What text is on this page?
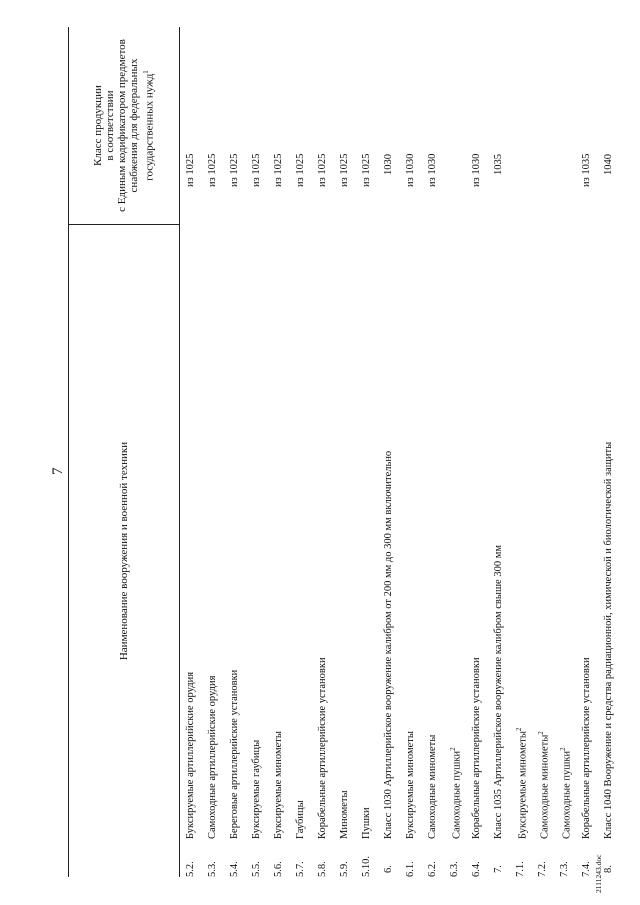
7	Наименование вооружения и военной техники
Класс продукции в соответствии с Единым кодификатором предметов снабжения для федеральных государственных нужд$^1$
5.2.
Буксируемые артиллерийские орудия
из 1025
5.3.
Самоходные артиллерийские орудия
из 1025
5.4.
Береговые артиллерийские установки
из 1025
5.5.
Буксируемые гаубицы
из 1025
5.6.
Буксируемые минометы
из 1025
5.7.
Гаубицы
из 1025
5.8.
Корабельные артиллерийские установки
из 1025
5.9.
Минометы
из 1025
5.10.
Пушки
из 1025
6.
Класс 1030 Артиллерийское вооружение калибром от 200 мм до 300 мм включительно
1030
6.1.
Буксируемые минометы
из 1030
6.2.
Самоходные минометы
из 1030
6.3.
Самоходные пушки$^2$
6.4.
Корабельные артиллерийские установки
из 1030
7.
Класс 1035 Артиллерийское вооружение калибром свыше 300 мм
1035
7.1.
Буксируемые минометы$^2$
7.2.
Самоходные минометы$^2$
7.3.
Самоходные пушки$^2$
7.4.
Корабельные артиллерийские установки
из 1035
8.
Класс 1040 Вооружение и средства радиационной, химической и биологической защиты
1040
2111243.doc
